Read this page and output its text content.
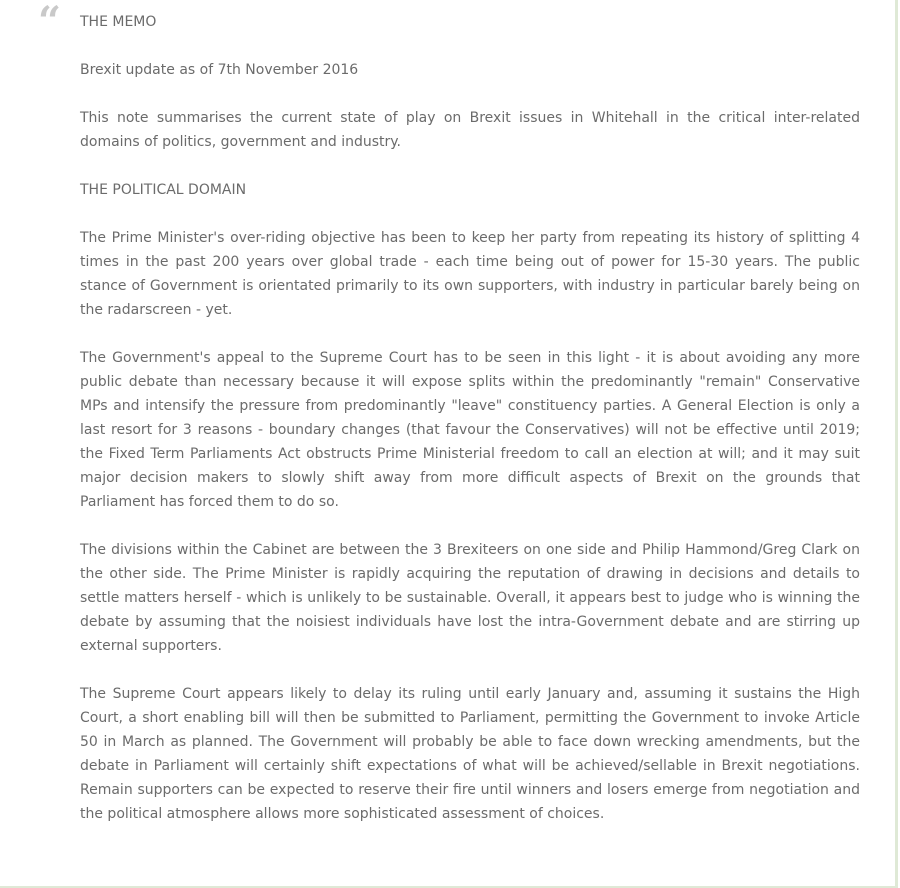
“ THE MEMO

Brexit update as of 7th November 2016

This note summarises the current state of play on Brexit issues in Whitehall in the critical inter-related domains of politics, government and industry.

THE POLITICAL DOMAIN

The Prime Minister's over-riding objective has been to keep her party from repeating its history of splitting 4 times in the past 200 years over global trade - each time being out of power for 15-30 years. The public stance of Government is orientated primarily to its own supporters, with industry in particular barely being on the radarscreen - yet.

The Government's appeal to the Supreme Court has to be seen in this light - it is about avoiding any more public debate than necessary because it will expose splits within the predominantly "remain" Conservative MPs and intensify the pressure from predominantly "leave" constituency parties. A General Election is only a last resort for 3 reasons - boundary changes (that favour the Conservatives) will not be effective until 2019; the Fixed Term Parliaments Act obstructs Prime Ministerial freedom to call an election at will; and it may suit major decision makers to slowly shift away from more difficult aspects of Brexit on the grounds that Parliament has forced them to do so.

The divisions within the Cabinet are between the 3 Brexiteers on one side and Philip Hammond/Greg Clark on the other side. The Prime Minister is rapidly acquiring the reputation of drawing in decisions and details to settle matters herself - which is unlikely to be sustainable. Overall, it appears best to judge who is winning the debate by assuming that the noisiest individuals have lost the intra-Government debate and are stirring up external supporters.

The Supreme Court appears likely to delay its ruling until early January and, assuming it sustains the High Court, a short enabling bill will then be submitted to Parliament, permitting the Government to invoke Article 50 in March as planned. The Government will probably be able to face down wrecking amendments, but the debate in Parliament will certainly shift expectations of what will be achieved/sellable in Brexit negotiations. Remain supporters can be expected to reserve their fire until winners and losers emerge from negotiation and the political atmosphere allows more sophisticated assessment of choices.
